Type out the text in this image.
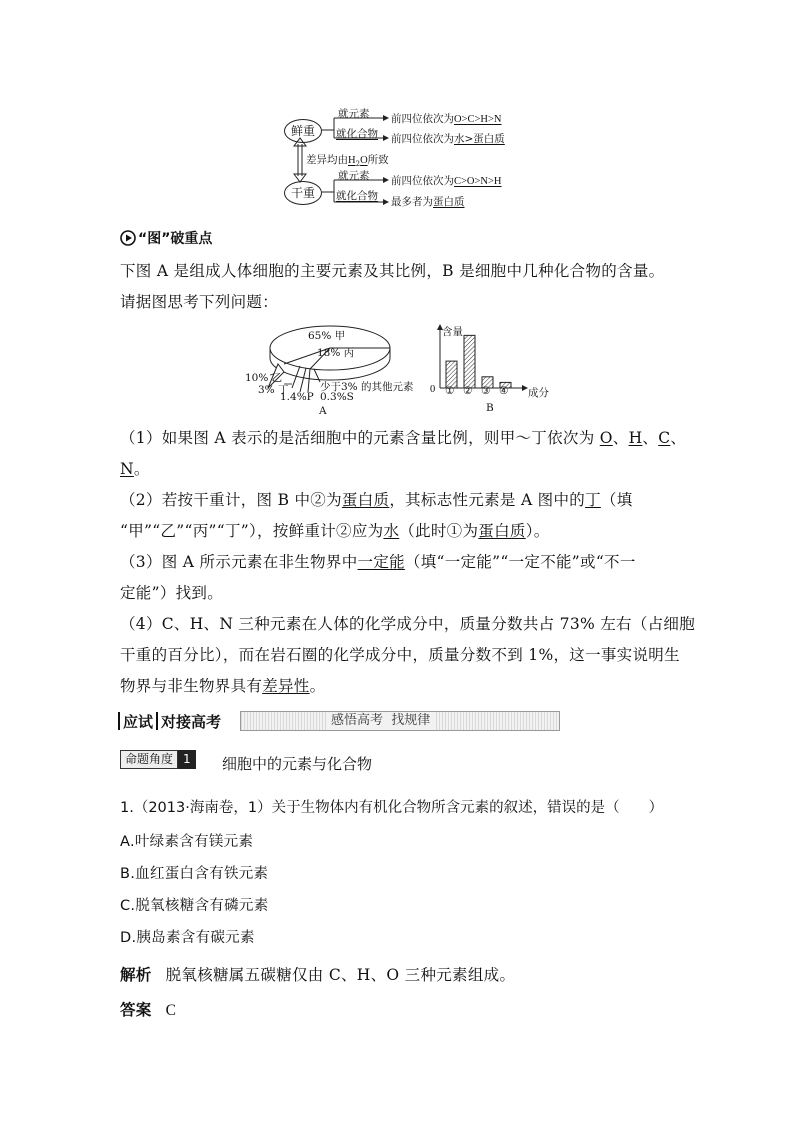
鲜重
干重
就元素 前四位依次为O>C>H>N
就化合物 前四位依次为水>蛋白质
差异均由$H_2O$所致
就元素 前四位依次为C>O>N>H
就化合物 最多者为蛋白质
“图”破重点
下图 A 是组成人体细胞的主要元素及其比例，B 是细胞中几种化合物的含量。
请据图思考下列问题：
65% 甲
18% 丙
10% 乙
3% 丁
1.4%P 0.3%S
少于3% 的其他元素
A
含量
0 ① ② ③ ④ 成分
B
（1）如果图 A 表示的是活细胞中的元素含量比例，则甲～丁依次为 O、H、C、
N。
（2）若按干重计，图 B 中②为蛋白质，其标志性元素是 A 图中的丁（填
“甲”“乙”“丙”“丁”），按鲜重计②应为水（此时①为蛋白质）。
（3）图 A 所示元素在非生物界中一定能（填“一定能”“一定不能”或“不一
定能”）找到。
（4）C、H、N 三种元素在人体的化学成分中，质量分数共占 73% 左右（占细胞
干重的百分比），而在岩石圈的化学成分中，质量分数不到 1%，这一事实说明生
物界与非生物界具有差异性。
应试 对接高考	感悟高考  找规律
命题角度 1	细胞中的元素与化合物
1.（2013·海南卷，1）关于生物体内有机化合物所含元素的叙述，错误的是（　　）
A.叶绿素含有镁元素
B.血红蛋白含有铁元素
C.脱氧核糖含有磷元素
D.胰岛素含有碳元素
解析 脱氧核糖属五碳糖仅由 C、H、O 三种元素组成。
答案 C
